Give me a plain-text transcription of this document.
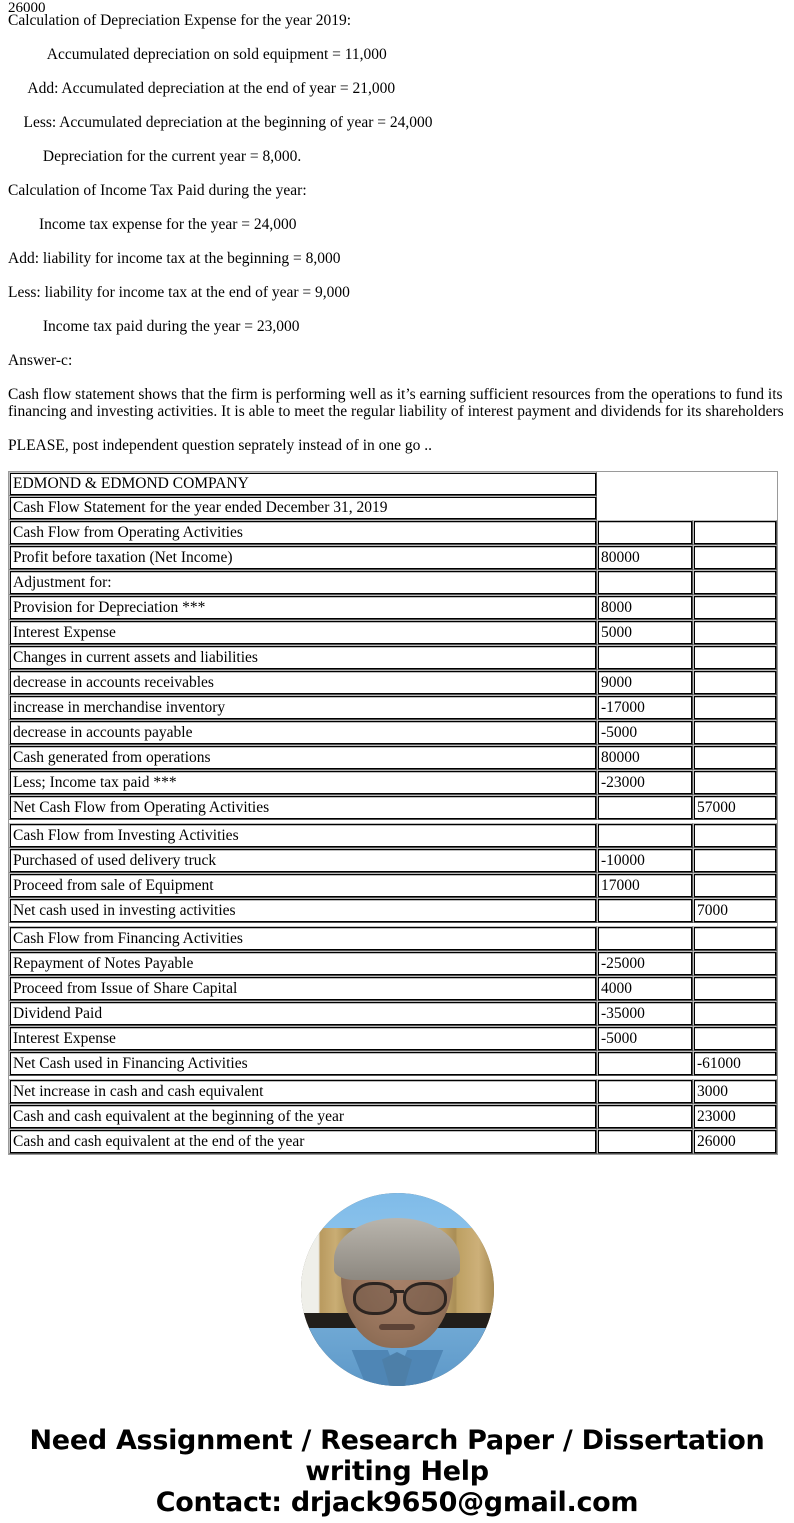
26000

Calculation of Depreciation Expense for the year 2019:

Accumulated depreciation on sold equipment = 11,000

Add: Accumulated depreciation at the end of year = 21,000

Less: Accumulated depreciation at the beginning of year = 24,000

Depreciation for the current year = 8,000.

Calculation of Income Tax Paid during the year:

Income tax expense for the year = 24,000

Add: liability for income tax at the beginning = 8,000

Less: liability for income tax at the end of year = 9,000

Income tax paid during the year = 23,000

Answer-c:

Cash flow statement shows that the firm is performing well as it’s earning sufficient resources from the operations to fund its financing and investing activities. It is able to meet the regular liability of interest payment and dividends for its shareholders

PLEASE, post independent question seprately instead of in one go ..

EDMOND & EDMOND COMPANY		
Cash Flow Statement for the year ended December 31, 2019		
Cash Flow from Operating Activities		
Profit before taxation (Net Income)	80000	
Adjustment for:		
Provision for Depreciation ***	8000	
Interest Expense	5000	
Changes in current assets and liabilities		
decrease in accounts receivables	9000	
increase in merchandise inventory	-17000	
decrease in accounts payable	-5000	
Cash generated from operations	80000	
Less; Income tax paid ***	-23000	
Net Cash Flow from Operating Activities		57000
Cash Flow from Investing Activities		
Purchased of used delivery truck	-10000	
Proceed from sale of Equipment	17000	
Net cash used in investing activities		7000
Cash Flow from Financing Activities		
Repayment of Notes Payable	-25000	
Proceed from Issue of Share Capital	4000	
Dividend Paid	-35000	
Interest Expense	-5000	
Net Cash used in Financing Activities		-61000
Net increase in cash and cash equivalent		3000
Cash and cash equivalent at the beginning of the year		23000
Cash and cash equivalent at the end of the year		26000
Need Assignment / Research Paper / Dissertation writing Help
Contact: drjack9650@gmail.com
